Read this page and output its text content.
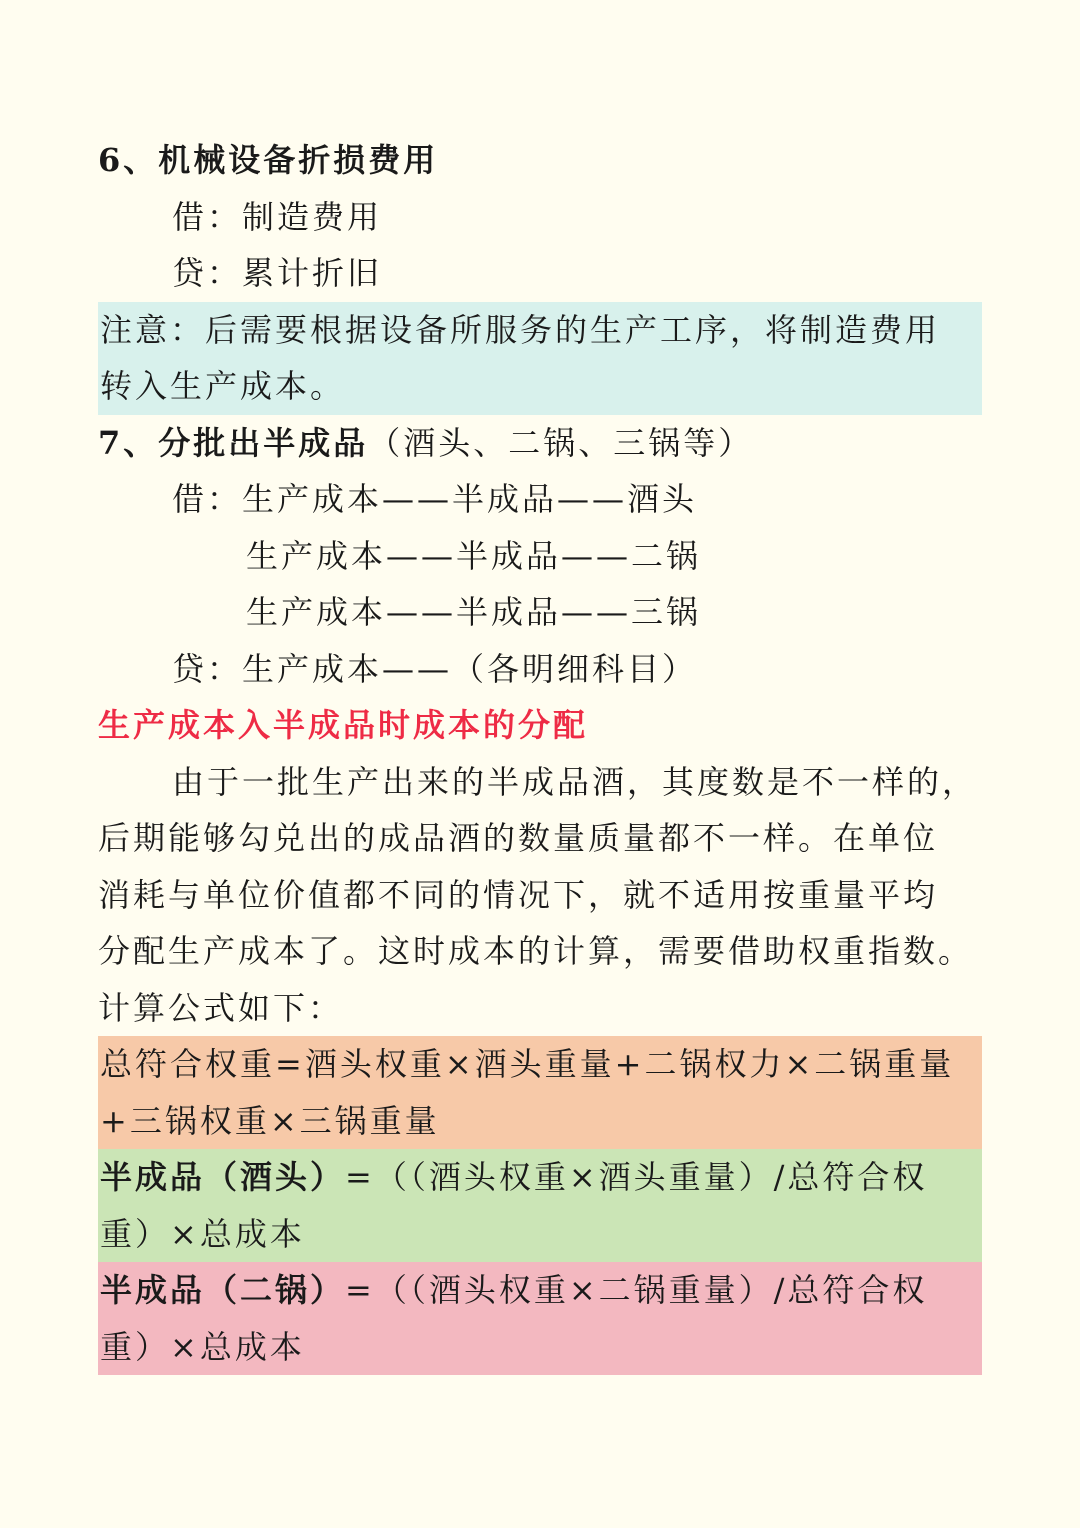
6、机械设备折损费用
借：制造费用
贷：累计折旧
注意：后需要根据设备所服务的生产工序，将制造费用
转入生产成本。
7、分批出半成品（酒头、二锅、三锅等）
借：生产成本——半成品——酒头
生产成本——半成品——二锅
生产成本——半成品——三锅
贷：生产成本——（各明细科目）
生产成本入半成品时成本的分配
由于一批生产出来的半成品酒，其度数是不一样的，
后期能够勾兑出的成品酒的数量质量都不一样。在单位
消耗与单位价值都不同的情况下，就不适用按重量平均
分配生产成本了。这时成本的计算，需要借助权重指数。
计算公式如下：
总符合权重=酒头权重×酒头重量+二锅权力×二锅重量
+三锅权重×三锅重量
半成品（酒头）=（（酒头权重×酒头重量）/总符合权
重）×总成本
半成品（二锅）=（（酒头权重×二锅重量）/总符合权
重）×总成本
